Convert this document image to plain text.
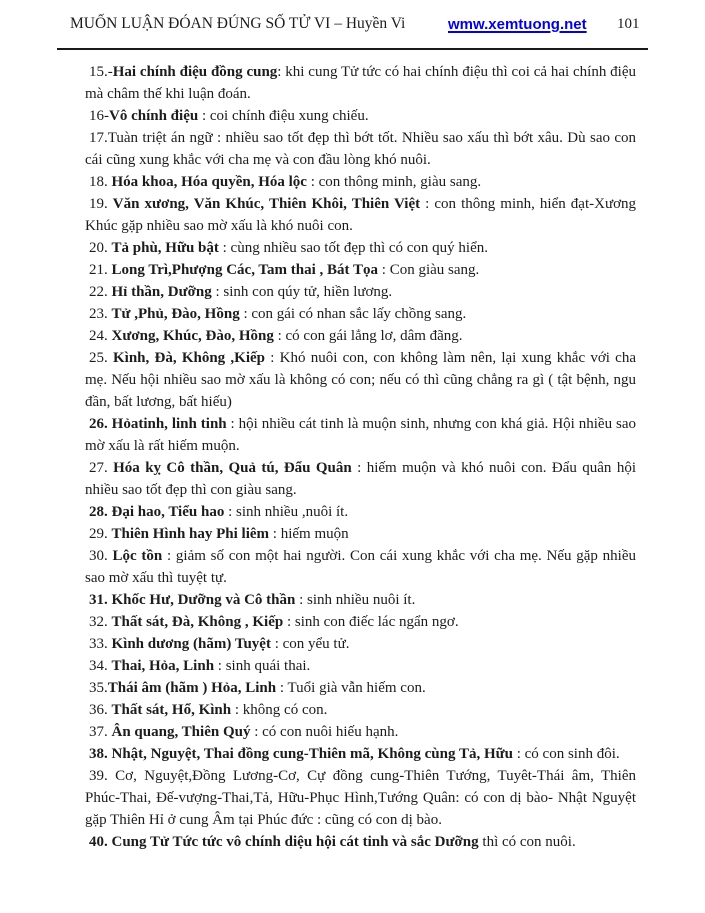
MUỐN LUẬN ĐÓAN ĐÚNG SỐ TỬ VI – Huyền Vi	wmw.xemtuong.net 101

15.-Hai chính điệu đồng cung: khi cung Tử tức có hai chính điệu thì coi cả hai chính điệu mà châm thế khi luận đoán.

16-Vô chính điệu : coi chính điệu xung chiếu.

17.Tuàn triệt án ngữ : nhiều sao tốt đẹp thì bớt tốt. Nhiều sao xấu thì bớt xâu. Dù sao con cái cũng xung khắc với cha mẹ và con đầu lòng khó nuôi.

18. Hóa khoa, Hóa quyền, Hóa lộc : con thông minh, giàu sang.

19. Văn xương, Văn Khúc, Thiên Khôi, Thiên Việt : con thông minh, hiển đạt-Xương Khúc gặp nhiều sao mờ xấu là khó nuôi con.

20. Tả phù, Hữu bật : cùng nhiều sao tốt đẹp thì có con quý hiển.

21. Long Trì,Phượng Các, Tam thai , Bát Tọa : Con giàu sang.

22. Hỉ thần, Dưỡng : sinh con qúy tử, hiền lương.

23. Tử ,Phủ, Đào, Hồng : con gái có nhan sắc lấy chồng sang.

24. Xương, Khúc, Đào, Hồng : có con gái lẳng lơ, dâm đãng.

25. Kình, Đà, Không ,Kiếp : Khó nuôi con, con không làm nên, lại xung khắc với cha mẹ. Nếu hội nhiều sao mờ xấu là không có con; nếu có thì cũng chẳng ra gì ( tật bệnh, ngu đần, bất lương, bất hiếu)

26. Hỏatinh, linh tinh : hội nhiều cát tinh là muộn sinh, nhưng con khá giả. Hội nhiều sao mờ xấu là rất hiếm muộn.

27. Hóa kỵ Cô thần, Quả tú, Đẩu Quân : hiếm muộn và khó nuôi con. Đẩu quân hội nhiều sao tốt đẹp thì con giàu sang.

28. Đại hao, Tiểu hao : sinh nhiều ,nuôi ít.

29. Thiên Hình hay Phi liêm : hiếm muộn

30. Lộc tồn : giảm số con một hai người. Con cái xung khắc với cha mẹ. Nếu gặp nhiều sao mờ xấu thì tuyệt tự.

31. Khốc Hư, Dưỡng và Cô thần : sinh nhiều nuôi ít.

32. Thất sát, Đà, Không , Kiếp : sinh con điếc lác ngẩn ngơ.

33. Kình dương (hãm) Tuyệt : con yểu tử.

34. Thai, Hỏa, Linh : sinh quái thai.

35.Thái âm (hãm ) Hỏa, Linh : Tuổi già vẫn hiếm con.

36. Thất sát, Hổ, Kình : không có con.

37. Ân quang, Thiên Quý : có con nuôi hiếu hạnh.

38. Nhật, Nguyệt, Thai đồng cung-Thiên mã, Không cùng Tả, Hữu : có con sinh đôi.

39. Cơ, Nguyệt,Đồng Lương-Cơ, Cự đồng cung-Thiên Tướng, Tuyêt-Thái âm, Thiên Phúc-Thai, Đế-vượng-Thai,Tả, Hữu-Phục Hình,Tướng Quân: có con dị bào- Nhật Nguyệt gặp Thiên Hỉ ở cung Âm tại Phúc đức : cũng có con dị bào.

40. Cung Tử Tức tức vô chính diệu hội cát tinh và sắc Dưỡng thì có con nuôi.
